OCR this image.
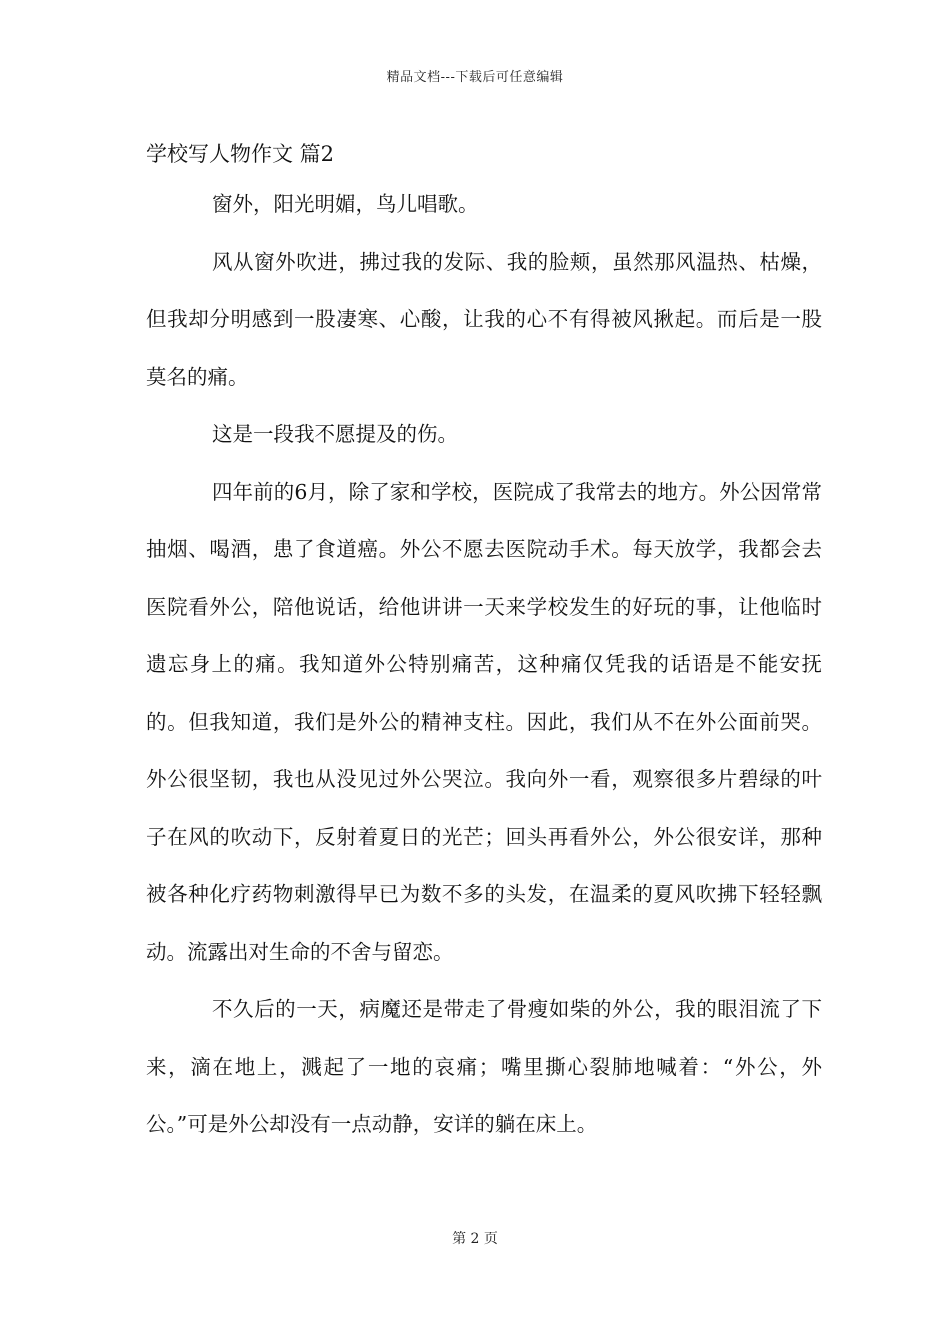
精品文档---下载后可任意编辑
学校写人物作文 篇2

窗外，阳光明媚，鸟儿唱歌。

风从窗外吹进，拂过我的发际、我的脸颊，虽然那风温热、枯燥，但我却分明感到一股凄寒、心酸，让我的心不有得被风揪起。而后是一股莫名的痛。

这是一段我不愿提及的伤。

四年前的6月，除了家和学校，医院成了我常去的地方。外公因常常抽烟、喝酒，患了食道癌。外公不愿去医院动手术。每天放学，我都会去医院看外公，陪他说话，给他讲讲一天来学校发生的好玩的事，让他临时遗忘身上的痛。我知道外公特别痛苦，这种痛仅凭我的话语是不能安抚的。但我知道，我们是外公的精神支柱。因此，我们从不在外公面前哭。外公很坚韧，我也从没见过外公哭泣。我向外一看，观察很多片碧绿的叶子在风的吹动下，反射着夏日的光芒；回头再看外公，外公很安详，那种被各种化疗药物刺激得早已为数不多的头发，在温柔的夏风吹拂下轻轻飘动。流露出对生命的不舍与留恋。

不久后的一天，病魔还是带走了骨瘦如柴的外公，我的眼泪流了下来，滴在地上，溅起了一地的哀痛；嘴里撕心裂肺地喊着：“外公，外公。”可是外公却没有一点动静，安详的躺在床上。

第 2 页
